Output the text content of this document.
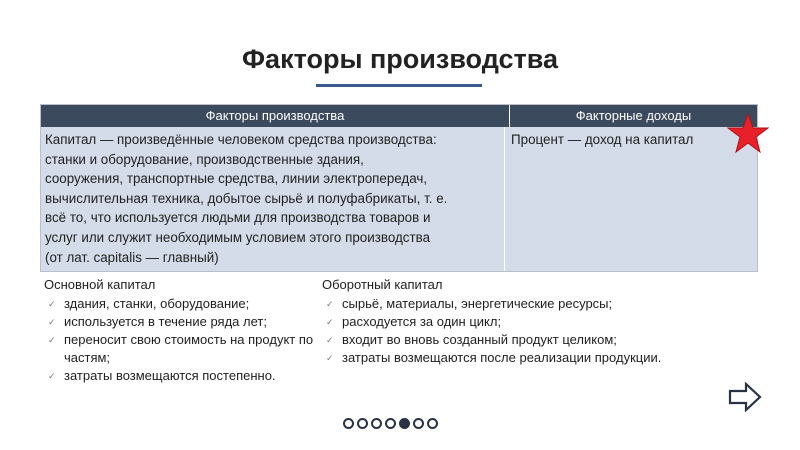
Факторы производства
Факторы производства	Факторные доходы
Капитал — произведённые человеком средства производства:
станки и оборудование, производственные здания,
сооружения, транспортные средства, линии электропередач,
вычислительная техника, добытое сырьё и полуфабрикаты, т. е.
всё то, что используется людьми для производства товаров и
услуг или служит необходимым условием этого производства
(от лат. capitalis — главный)
Процент — доход на капитал
Основной капитал
✓ здания, станки, оборудование;
✓ используется в течение ряда лет;
✓ переносит свою стоимость на продукт по частям;
✓ затраты возмещаются постепенно.
Оборотный капитал
✓ сырьё, материалы, энергетические ресурсы;
✓ расходуется за один цикл;
✓ входит во вновь созданный продукт целиком;
✓ затраты возмещаются после реализации продукции.
